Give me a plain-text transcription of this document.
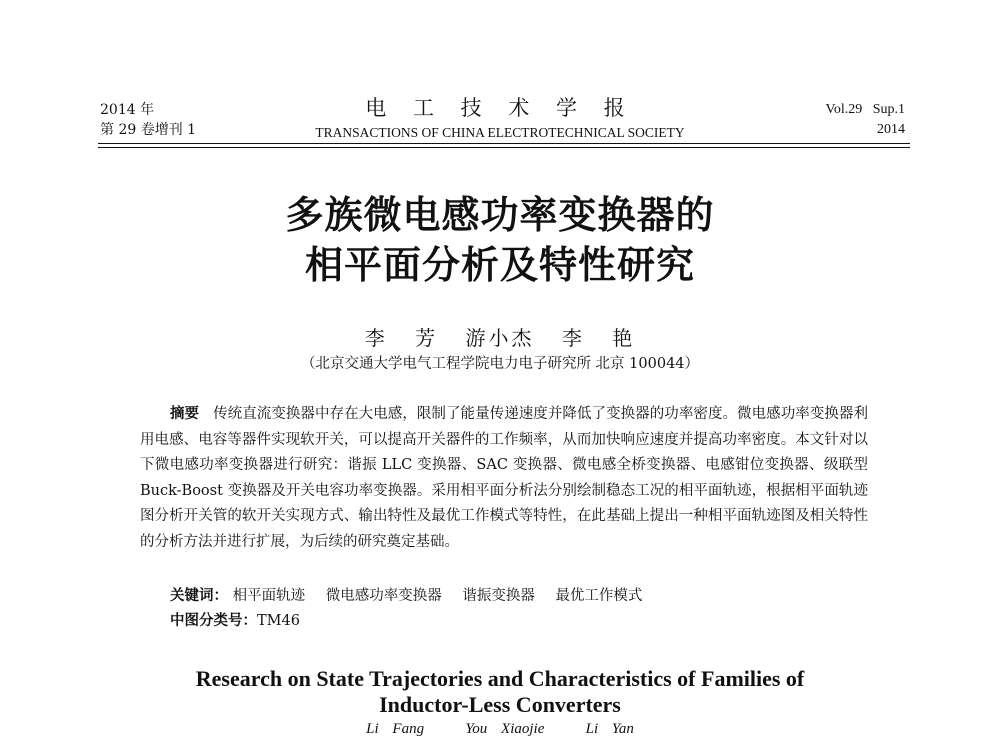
2014 年
第 29 卷增刊 1
电 工 技 术 学 报
TRANSACTIONS OF CHINA ELECTROTECHNICAL SOCIETY
Vol.29   Sup.1
2014
多族微电感功率变换器的
相平面分析及特性研究
李 芳 游小杰 李 艳
（北京交通大学电气工程学院电力电子研究所 北京 100044）
摘要 传统直流变换器中存在大电感，限制了能量传递速度并降低了变换器的功率密度。微电感功率变换器利用电感、电容等器件实现软开关，可以提高开关器件的工作频率，从而加快响应速度并提高功率密度。本文针对以下微电感功率变换器进行研究：谐振 LLC 变换器、SAC 变换器、微电感全桥变换器、电感钳位变换器、级联型 Buck-Boost 变换器及开关电容功率变换器。采用相平面分析法分别绘制稳态工况的相平面轨迹，根据相平面轨迹图分析开关管的软开关实现方式、输出特性及最优工作模式等特性，在此基础上提出一种相平面轨迹图及相关特性的分析方法并进行扩展，为后续的研究奠定基础。
关键词： 相平面轨迹 微电感功率变换器 谐振变换器 最优工作模式
中图分类号：TM46
Research on State Trajectories and Characteristics of Families of
Inductor-Less Converters
Li Fang   You Xiaojie   Li Yan
